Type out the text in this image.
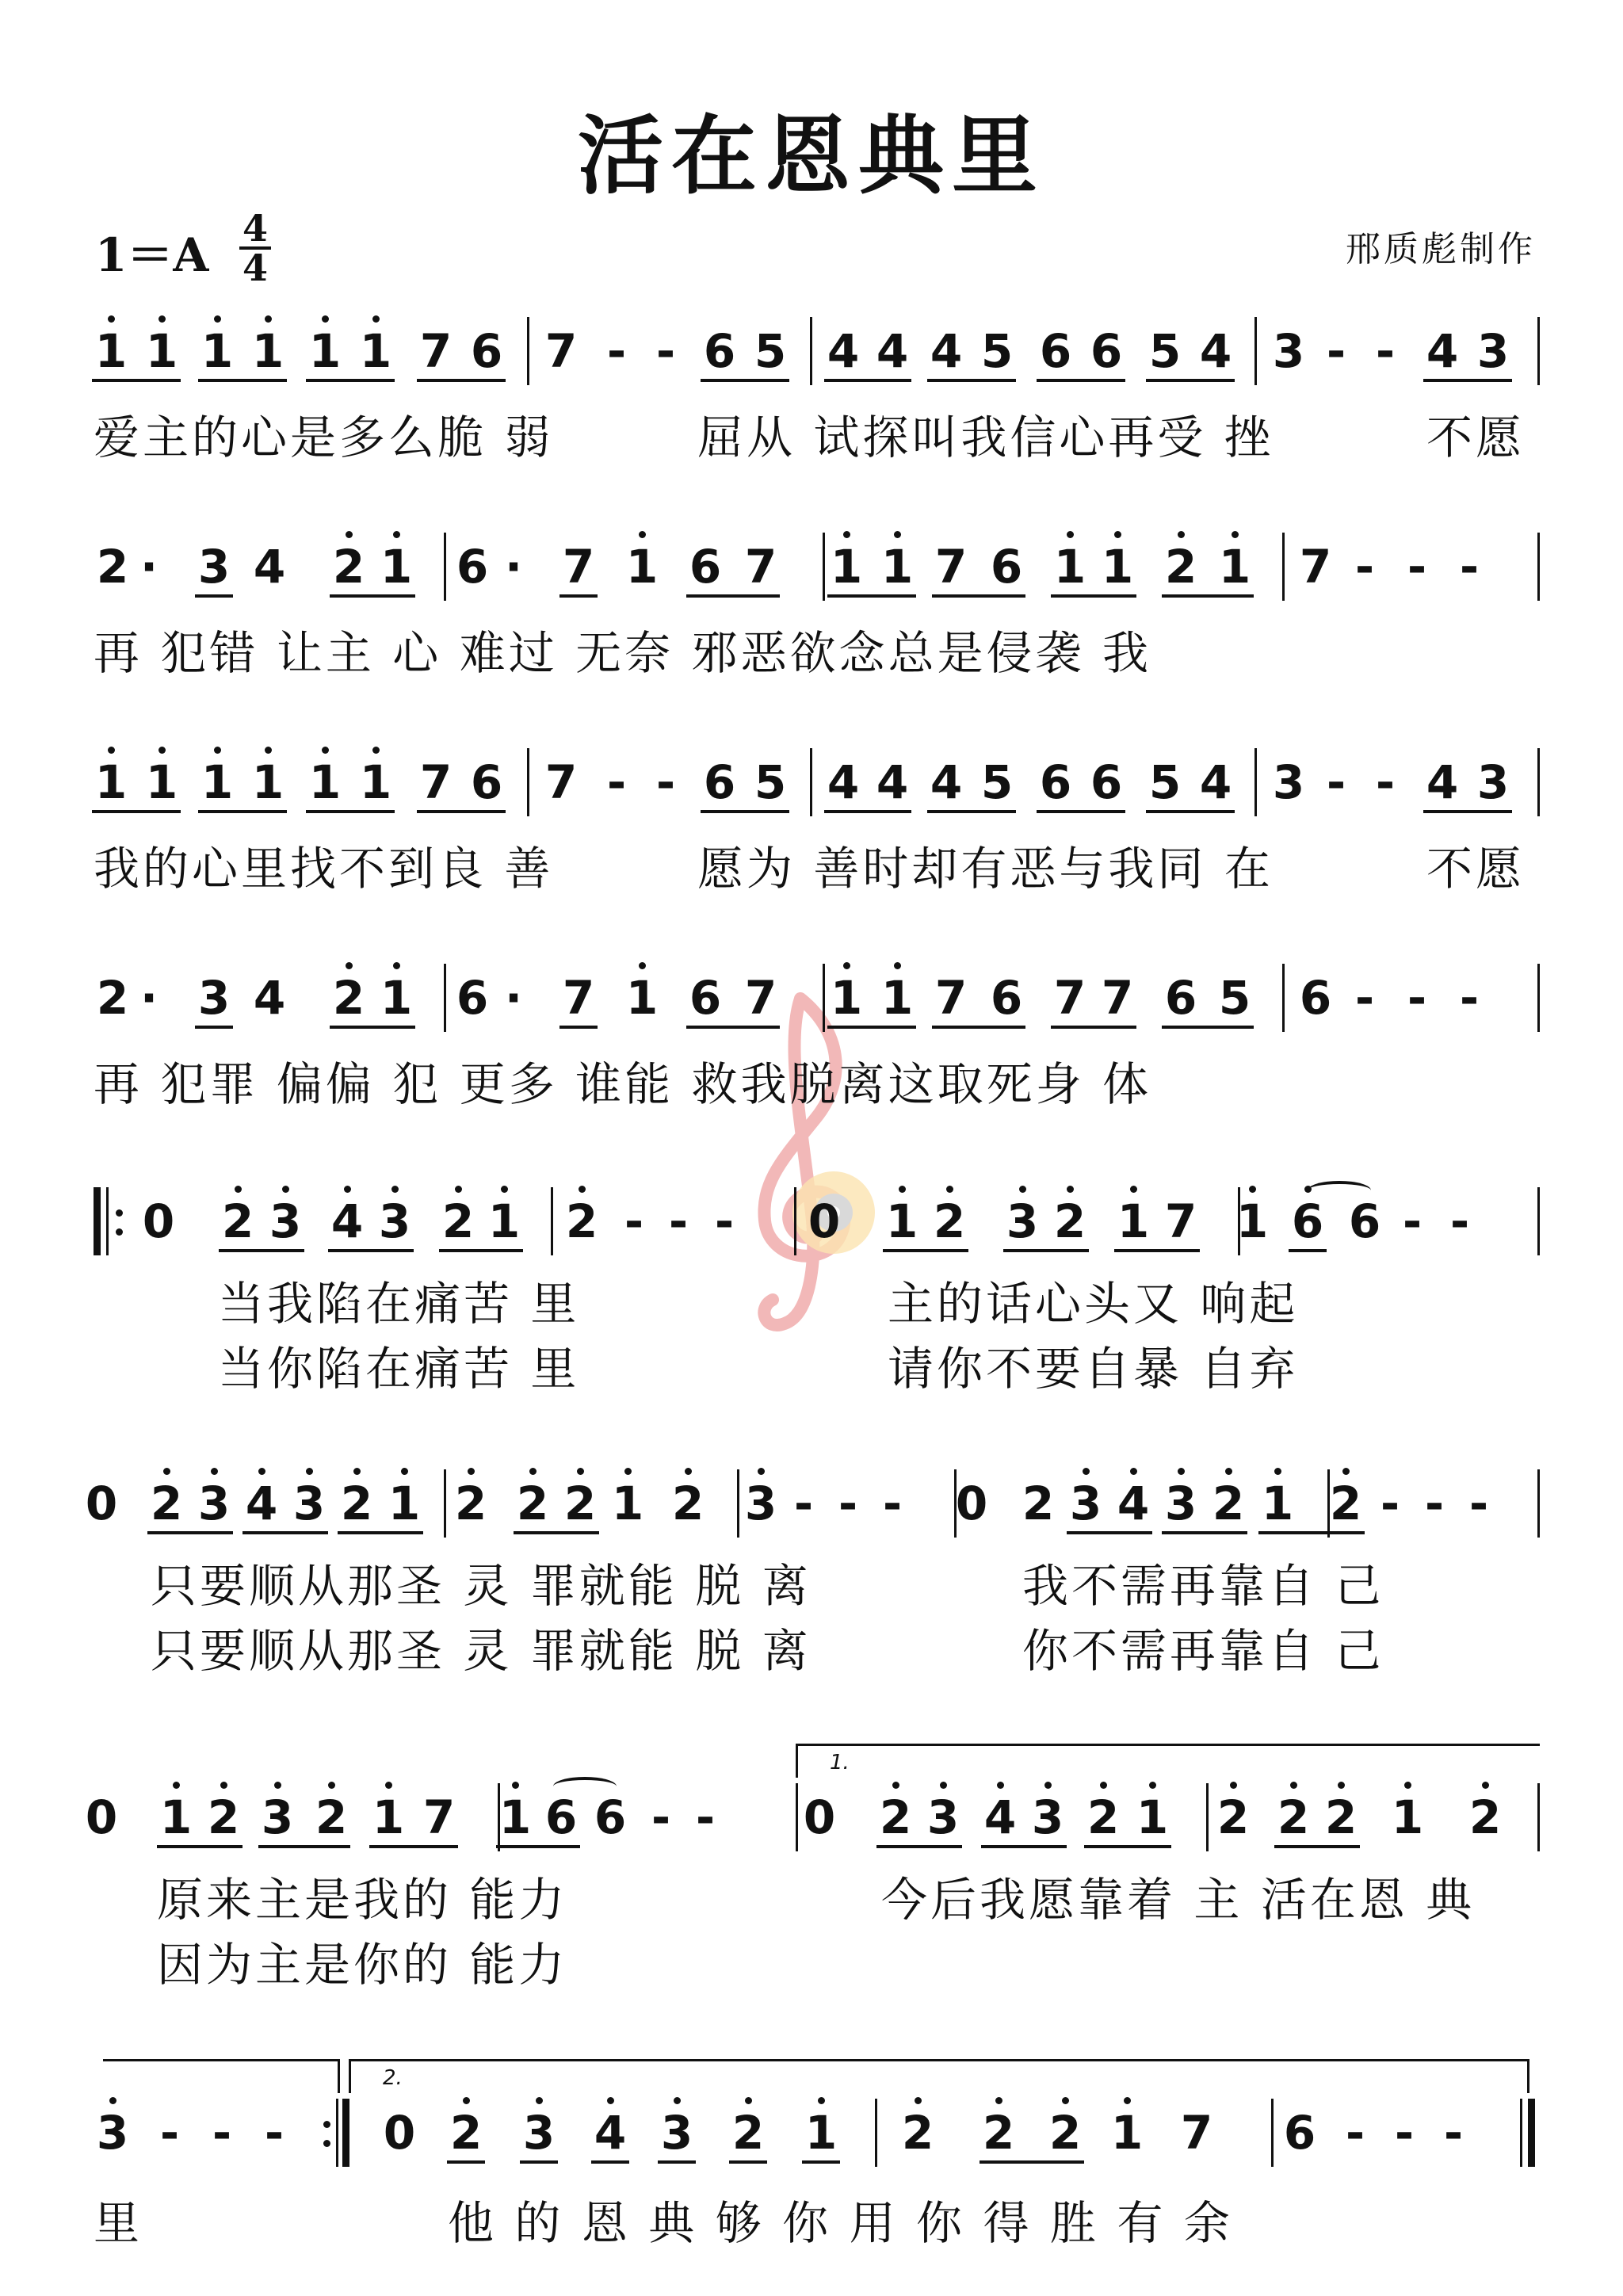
活在恩典里
1＝A 4
4	邢质彪制作
爱主的心是多么脆 弱	屈从 试探叫我信心再受 挫	不愿
1 1 1 1 1 1 7 6 7 - - 6 5 4 4 4 5 6 6 5 4 3 - - 4 3
再 犯错 让主 心 难过 无奈 邪恶欲念总是侵袭 我
2 · 3 4 2 1 6 · 7 1 6 7 1 1 7 6 1 1 2 1 7 - - -
我的心里找不到良 善	愿为 善时却有恶与我同 在	不愿
1 1 1 1 1 1 7 6 7 - - 6 5 4 4 4 5 6 6 5 4 3 - - 4 3
再 犯罪 偏偏 犯 更多 谁能 救我脱离这取死身 体
2 · 3 4 2 1 6 · 7 1 6 7 1 1 7 6 7 7 6 5 6 - - -
当我陷在痛苦 里	主的话心头又 响起
当你陷在痛苦 里	请你不要自暴 自弃
0 2 3 4 3 2 1 2 - - -	0 1 2 3 2 1 7 1 6 6 - -
只要顺从那圣 灵 罪就能 脱 离	我不需再靠自 己
只要顺从那圣 灵 罪就能 脱 离	你不需再靠自 己
0 2 3 4 3 2 1 2 2 2 1 2 3 - - -	0 2 3 4 3 2 1 2 - - -
1.
原来主是我的 能力	今后我愿靠着 主 活在恩 典
因为主是你的 能力
0 1 2 3 2 1 7 1 6 6 - -	0 2 3 4 3 2 1 2 2 2 1 2
2.
里	他 的 恩 典 够 你 用 你 得 胜 有 余
3 - - -	0 2 3 4 3 2 1 2 2 2 1 7 6 - - -
